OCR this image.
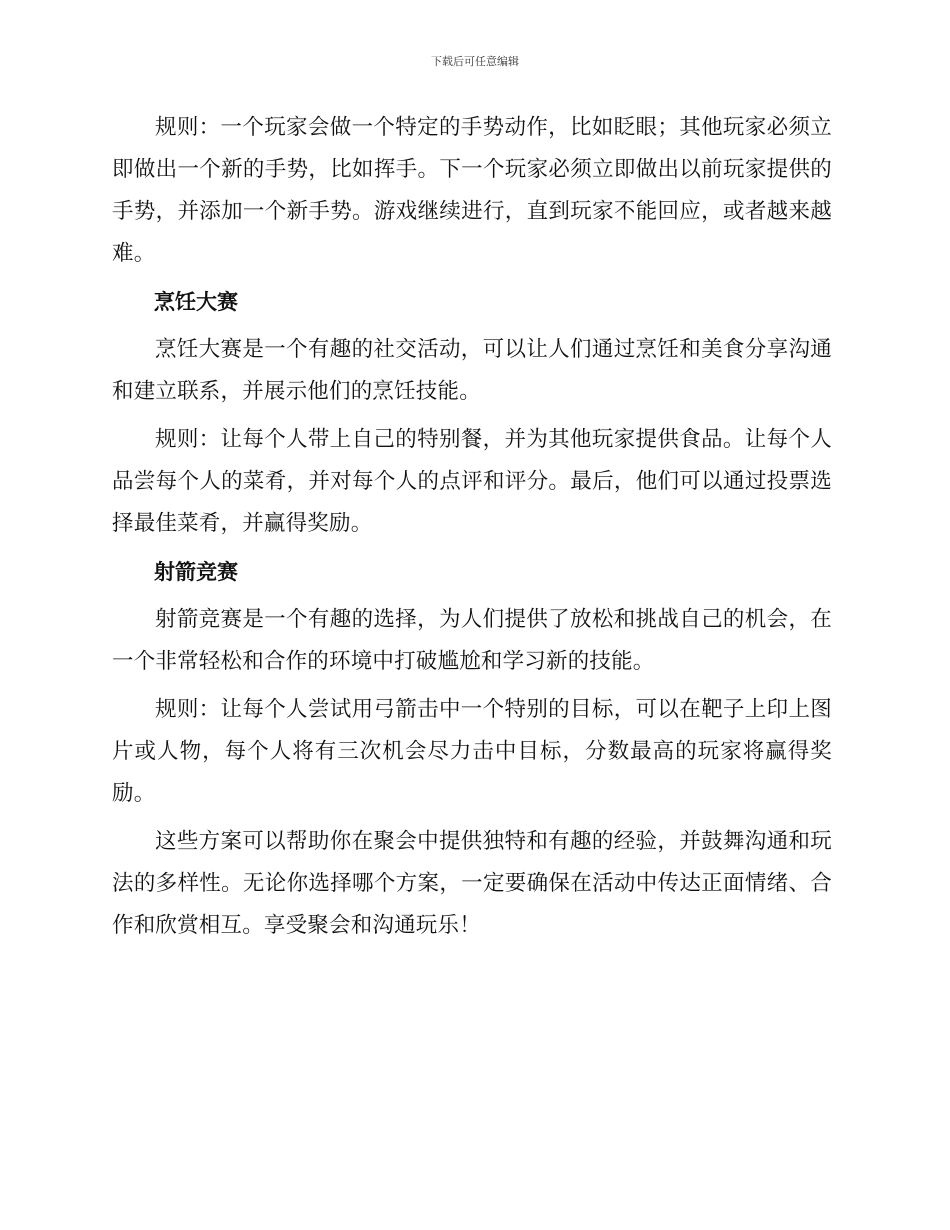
下载后可任意编辑

规则：一个玩家会做一个特定的手势动作，比如眨眼；其他玩家必须立即做出一个新的手势，比如挥手。下一个玩家必须立即做出以前玩家提供的手势，并添加一个新手势。游戏继续进行，直到玩家不能回应，或者越来越难。

烹饪大赛

烹饪大赛是一个有趣的社交活动，可以让人们通过烹饪和美食分享沟通和建立联系，并展示他们的烹饪技能。

规则：让每个人带上自己的特别餐，并为其他玩家提供食品。让每个人品尝每个人的菜肴，并对每个人的点评和评分。最后，他们可以通过投票选择最佳菜肴，并赢得奖励。

射箭竞赛

射箭竞赛是一个有趣的选择，为人们提供了放松和挑战自己的机会，在一个非常轻松和合作的环境中打破尴尬和学习新的技能。

规则：让每个人尝试用弓箭击中一个特别的目标，可以在靶子上印上图片或人物，每个人将有三次机会尽力击中目标，分数最高的玩家将赢得奖励。

这些方案可以帮助你在聚会中提供独特和有趣的经验，并鼓舞沟通和玩法的多样性。无论你选择哪个方案，一定要确保在活动中传达正面情绪、合作和欣赏相互。享受聚会和沟通玩乐！
